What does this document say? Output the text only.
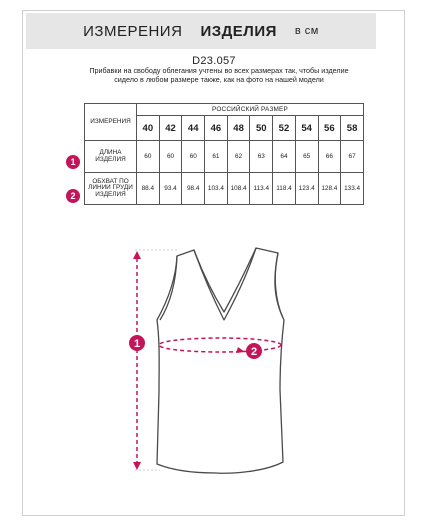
ИЗМЕРЕНИЯ ИЗДЕЛИЯ в см
D23.057
Прибавки на свободу облегания учтены во всех размерах так, чтобы изделие сидело в любом размере также, как на фото на нашей модели
ИЗМЕРЕНИЯ	РОССИЙСКИЙ РАЗМЕР									
	40	42	44	46	48	50	52	54	56	58
ДЛИНА ИЗДЕЛИЯ	60	60	60	61	62	63	64	65	66	67
ОБХВАТ ПО ЛИНИИ ГРУДИ ИЗДЕЛИЯ	88.4	93.4	98.4	103.4	108.4	113.4	118.4	123.4	128.4	133.4
1
2
1
2
